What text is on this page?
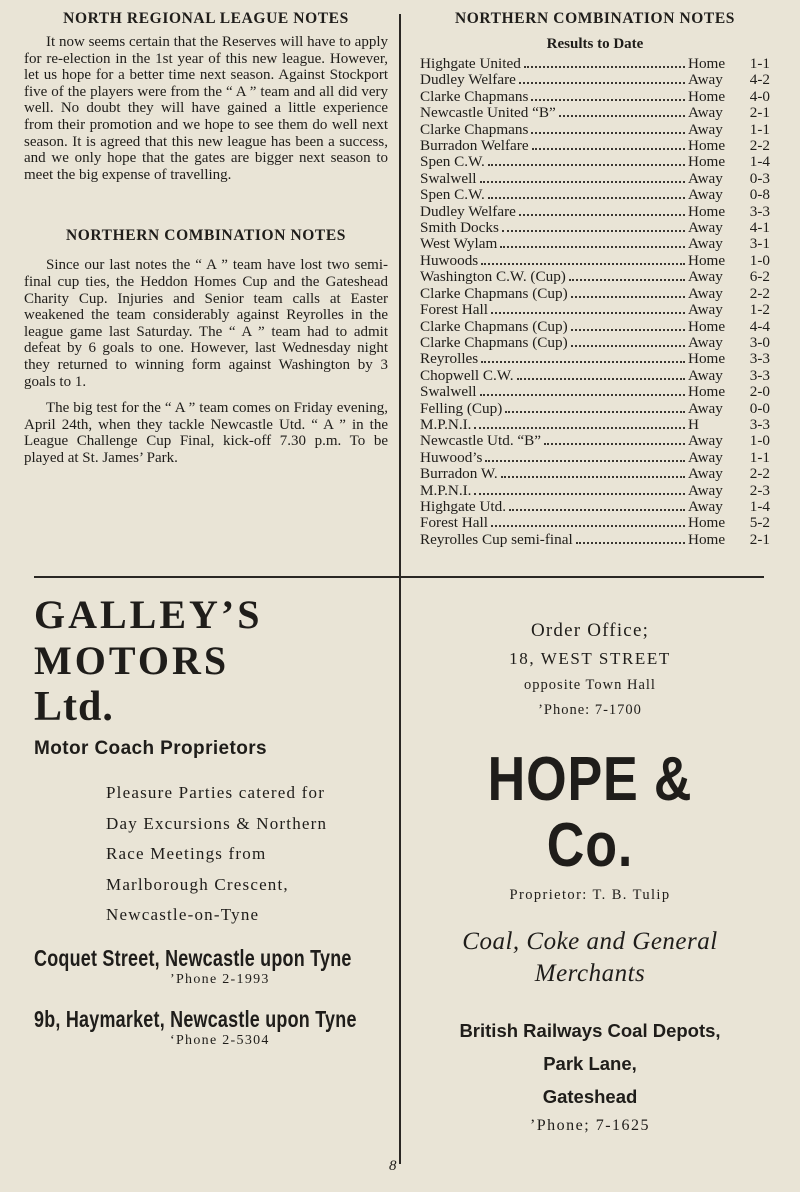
NORTH REGIONAL LEAGUE NOTES

It now seems certain that the Reserves will have to apply for re-election in the 1st year of this new league. However, let us hope for a better time next season. Against Stockport five of the players were from the “ A ” team and all did very well. No doubt they will have gained a little experience from their promotion and we hope to see them do well next season. It is agreed that this new league has been a success, and we only hope that the gates are bigger next season to meet the big expense of travelling.

NORTHERN COMBINATION NOTES

Since our last notes the “ A ” team have lost two semi-final cup ties, the Heddon Homes Cup and the Gateshead Charity Cup. Injuries and Senior team calls at Easter weakened the team considerably against Reyrolles in the league game last Saturday. The “ A ” team had to admit defeat by 6 goals to one. However, last Wednesday night they returned to winning form against Washington by 3 goals to 1.

The big test for the “ A ” team comes on Friday evening, April 24th, when they tackle Newcastle Utd. “ A ” in the League Challenge Cup Final, kick-off 7.30 p.m. To be played at St. James’ Park.

NORTHERN COMBINATION NOTES
Results to Date
Highgate United	Home	1-1
Dudley Welfare	Away	4-2
Clarke Chapmans	Home	4-0
Newcastle United “B”	Away	2-1
Clarke Chapmans	Away	1-1
Burradon Welfare	Home	2-2
Spen C.W.	Home	1-4
Swalwell	Away	0-3
Spen C.W.	Away	0-8
Dudley Welfare	Home	3-3
Smith Docks	Away	4-1
West Wylam	Away	3-1
Huwoods	Home	1-0
Washington C.W. (Cup)	Away	6-2
Clarke Chapmans (Cup)	Away	2-2
Forest Hall	Away	1-2
Clarke Chapmans (Cup)	Home	4-4
Clarke Chapmans (Cup)	Away	3-0
Reyrolles	Home	3-3
Chopwell C.W.	Away	3-3
Swalwell	Home	2-0
Felling (Cup)	Away	0-0
M.P.N.I.	H	3-3
Newcastle Utd. “B”	Away	1-0
Huwood’s	Away	1-1
Burradon W.	Away	2-2
M.P.N.I.	Away	2-3
Highgate Utd.	Away	1-4
Forest Hall	Home	5-2
Reyrolles Cup semi-final	Home	2-1
GALLEY’S
MOTORS
Ltd.
Motor Coach Proprietors
Pleasure Parties catered for
Day Excursions & Northern
Race Meetings from
Marlborough Crescent,
Newcastle-on-Tyne
Coquet Street, Newcastle upon Tyne
’Phone 2-1993
9b, Haymarket, Newcastle upon Tyne
‘Phone 2-5304
Order Office;
18, WEST STREET
opposite Town Hall
’Phone: 7-1700
HOPE & Co.
Proprietor: T. B. Tulip
Coal, Coke and General
Merchants
British Railways Coal Depots,
Park Lane,
Gateshead
’Phone; 7-1625
8
